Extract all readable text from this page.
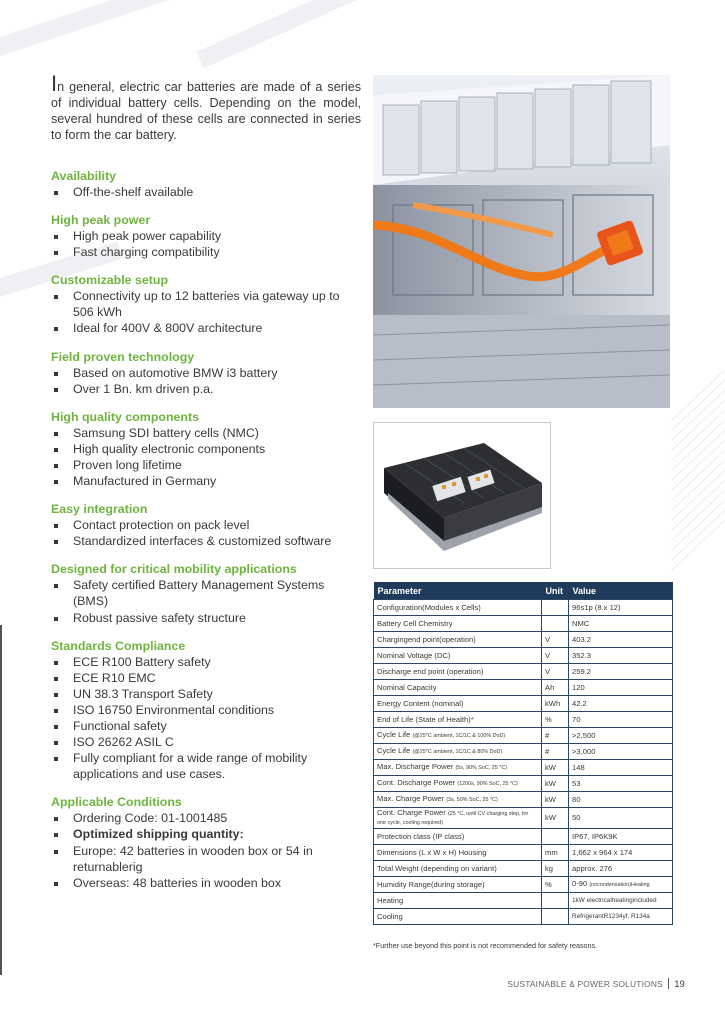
In general, electric car batteries are made of a series of individual battery cells. Depending on the model, several hundred of these cells are connected in series to form the car battery.

Availability
Off-the-shelf available
High peak power
High peak power capability
Fast charging compatibility
Customizable setup
Connectivity up to 12 batteries via gateway up to 506 kWh
Ideal for 400V & 800V architecture
Field proven technology
Based on automotive BMW i3 battery
Over 1 Bn. km driven p.a.
High quality components
Samsung SDI battery cells (NMC)
High quality electronic components
Proven long lifetime
Manufactured in Germany
Easy integration
Contact protection on pack level
Standardized interfaces & customized software
Designed for critical mobility applications
Safety certified Battery Management Systems (BMS)
Robust passive safety structure
Standards Compliance
ECE R100 Battery safety
ECE R10 EMC
UN 38.3 Transport Safety
ISO 16750 Environmental conditions
Functional safety
ISO 26262 ASIL C
Fully compliant for a wide range of mobility applications and use cases.
Applicable Conditions
Ordering Code: 01-1001485
Optimized shipping quantity:
Europe: 42 batteries in wooden box or 54 in returnablerig
Overseas: 48 batteries in wooden box
Parameter	Unit	Value
Configuration(Modules x Cells)		96s1p (8 x 12)
Battery Cell Chemistry		NMC
Chargingend point(operation)	V	403.2
Nominal Voltage (DC)	V	352.3
Discharge end point (operation)	V	259.2
Nominal Capacity	Ah	120
Energy Content (nominal)	kWh	42.2
End of Life (State of Health)*	%	70
Cycle Life (@25°C ambient, 1C/1C & 100% DoD)	#	>2,500
Cycle Life (@25°C ambient, 1C/1C & 80% DoD)	#	>3,000
Max. Discharge Power (5s, 90% SoC, 25 °C)	kW	148
Cont. Discharge Power (1200s, 90% SoC, 25 °C)	kW	53
Max. Charge Power (3s, 50% SoC, 25 °C)	kW	80
Cont. Charge Power (25 °C, until CV charging step, for one cycle, cooling required)	kW	50
Protection class (IP class)		IP67, IP6K9K
Dimensions (L x W x H) Housing	mm	1,662 x 964 x 174
Total Weight (depending on variant)	kg	approx. 276
Humidity Range(during storage)	%	0-90 (nocondensation)Heating
Heating		1kW electricalheatingincluded
Cooling		RefrigerantR1234yf, R134a
*Further use beyond this point is not recommended for safety reasons.
SUSTAINABLE & POWER SOLUTIONS 19
